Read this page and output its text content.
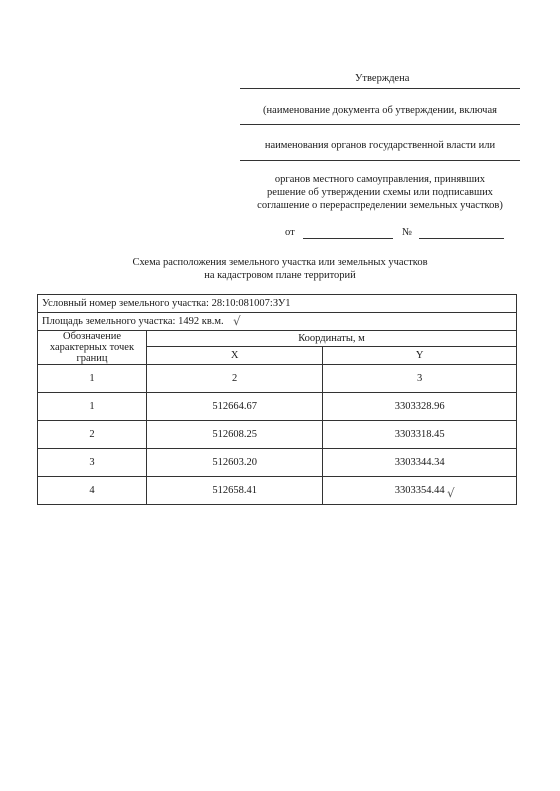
Утверждена
(наименование документа об утверждении, включая
наименования органов государственной власти или
органов местного самоуправления, принявших
решение об утверждении схемы или подписавших
соглашение о перераспределении земельных участков)
от	№
Схема расположения земельного участка или земельных участков
на кадастровом плане территорий
Условный номер земельного участка: 28:10:081007:ЗУ1		
Площадь земельного участка: 1492 кв.м.		
Обозначение характерных точек границ	Координаты, м	
	X	Y
1	2	3
1	512664.67	3303328.96
2	512608.25	3303318.45
3	512603.20	3303344.34
4	512658.41	3303354.44
√
√
